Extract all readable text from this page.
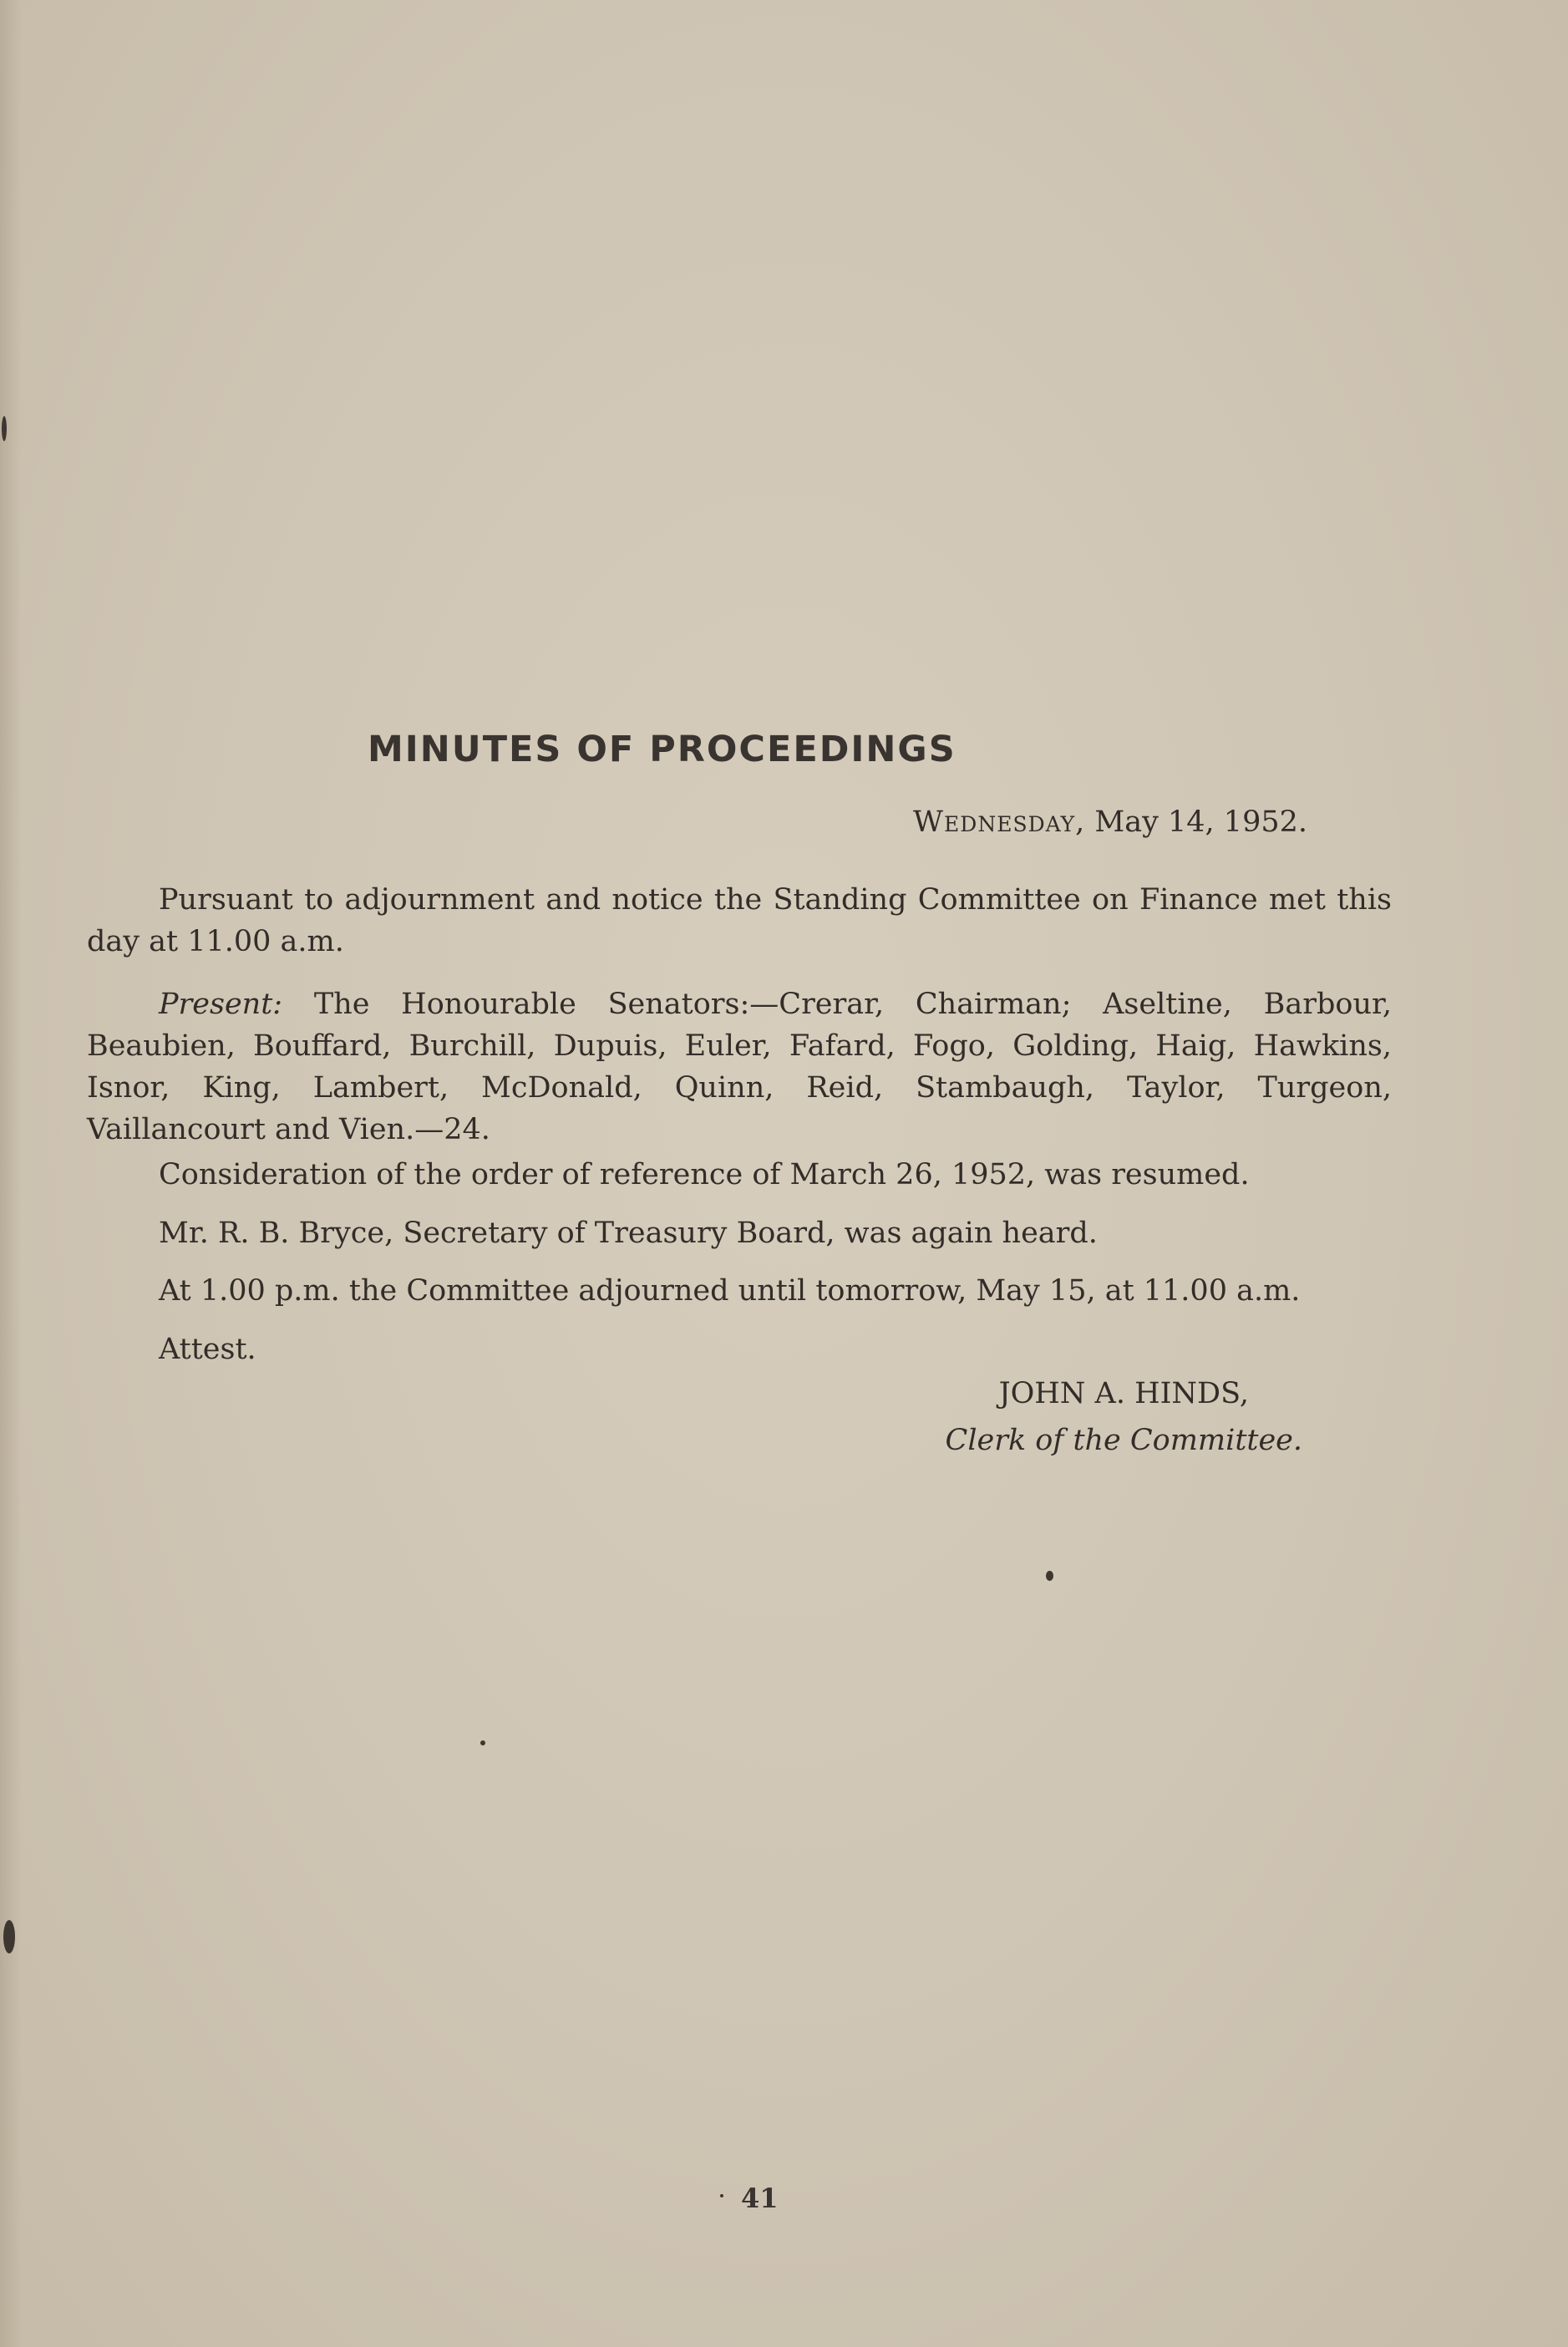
MINUTES OF PROCEEDINGS
Wednesday, May 14, 1952.
Pursuant to adjournment and notice the Standing Committee on Finance met this day at 11.00 a.m.
Present: The Honourable Senators:—Crerar, Chairman; Aseltine, Barbour, Beaubien, Bouffard, Burchill, Dupuis, Euler, Fafard, Fogo, Golding, Haig, Hawkins, Isnor, King, Lambert, McDonald, Quinn, Reid, Stambaugh, Taylor, Turgeon, Vaillancourt and Vien.—24.
Consideration of the order of reference of March 26, 1952, was resumed.
Mr. R. B. Bryce, Secretary of Treasury Board, was again heard.
At 1.00 p.m. the Committee adjourned until tomorrow, May 15, at 11.00 a.m.
Attest.
JOHN A. HINDS,
Clerk of the Committee.
41
